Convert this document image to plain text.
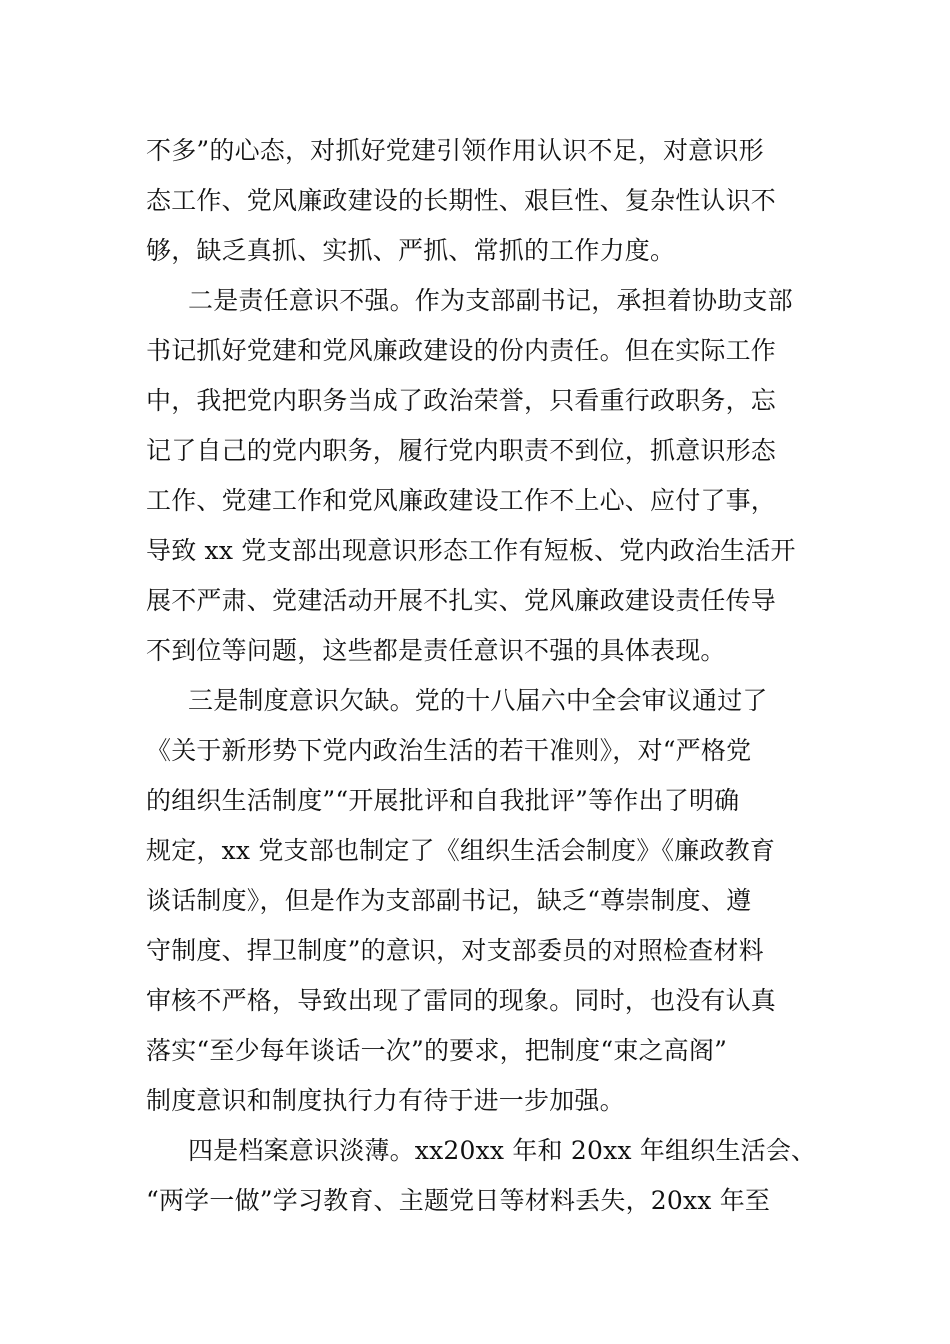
不多”的心态，对抓好党建引领作用认识不足，对意识形
态工作、党风廉政建设的长期性、艰巨性、复杂性认识不
够，缺乏真抓、实抓、严抓、常抓的工作力度。
二是责任意识不强。作为支部副书记，承担着协助支部
书记抓好党建和党风廉政建设的份内责任。但在实际工作
中，我把党内职务当成了政治荣誉，只看重行政职务，忘
记了自己的党内职务，履行党内职责不到位，抓意识形态
工作、党建工作和党风廉政建设工作不上心、应付了事，
导致 xx 党支部出现意识形态工作有短板、党内政治生活开
展不严肃、党建活动开展不扎实、党风廉政建设责任传导
不到位等问题，这些都是责任意识不强的具体表现。
三是制度意识欠缺。党的十八届六中全会审议通过了
《关于新形势下党内政治生活的若干准则》，对“严格党
的组织生活制度”“开展批评和自我批评”等作出了明确
规定，xx 党支部也制定了《组织生活会制度》《廉政教育
谈话制度》，但是作为支部副书记，缺乏“尊崇制度、遵
守制度、捍卫制度”的意识，对支部委员的对照检查材料
审核不严格，导致出现了雷同的现象。同时，也没有认真
落实“至少每年谈话一次”的要求，把制度“束之高阁”
制度意识和制度执行力有待于进一步加强。
四是档案意识淡薄。xx20xx 年和 20xx 年组织生活会、
“两学一做”学习教育、主题党日等材料丢失，20xx 年至
